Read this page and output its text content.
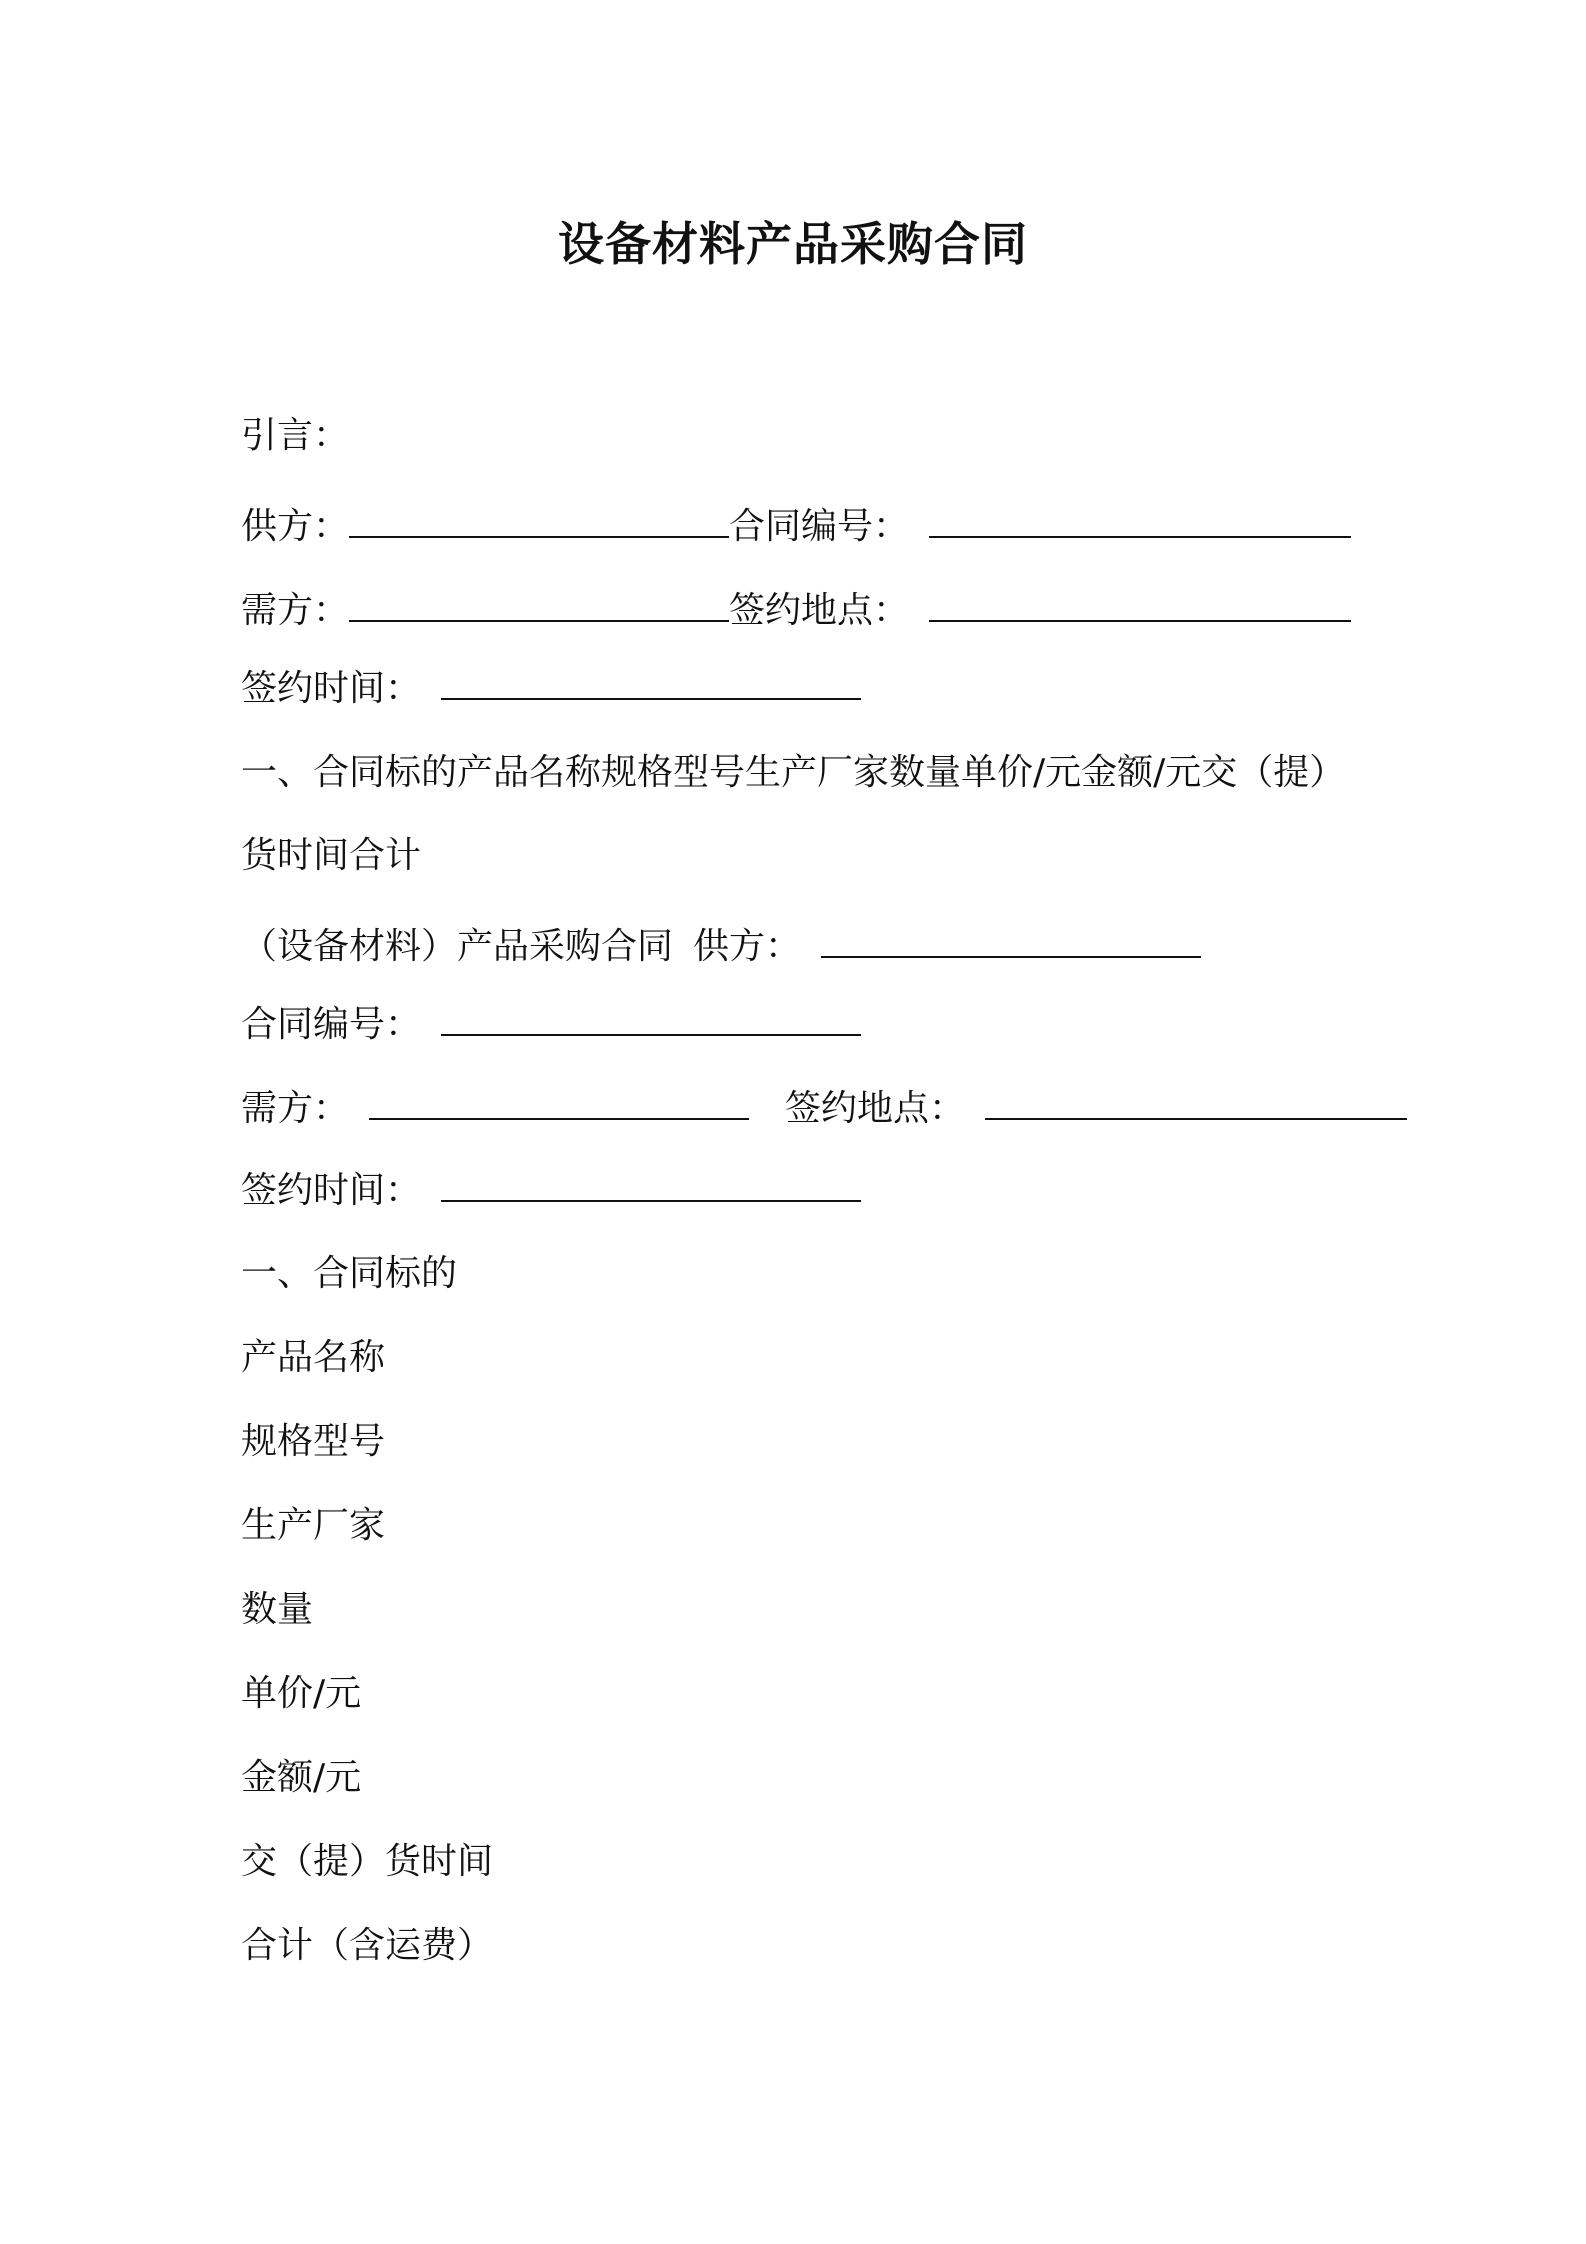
设备材料产品采购合同
引言：
供方：	合同编号：
需方：	签约地点：
签约时间：
一、合同标的产品名称规格型号生产厂家数量单价/元金额/元交（提）
货时间合计
（设备材料）产品采购合同 供方：
合同编号：
需方：	签约地点：
签约时间：
一、合同标的
产品名称
规格型号
生产厂家
数量
单价/元
金额/元
交（提）货时间
合计（含运费）
